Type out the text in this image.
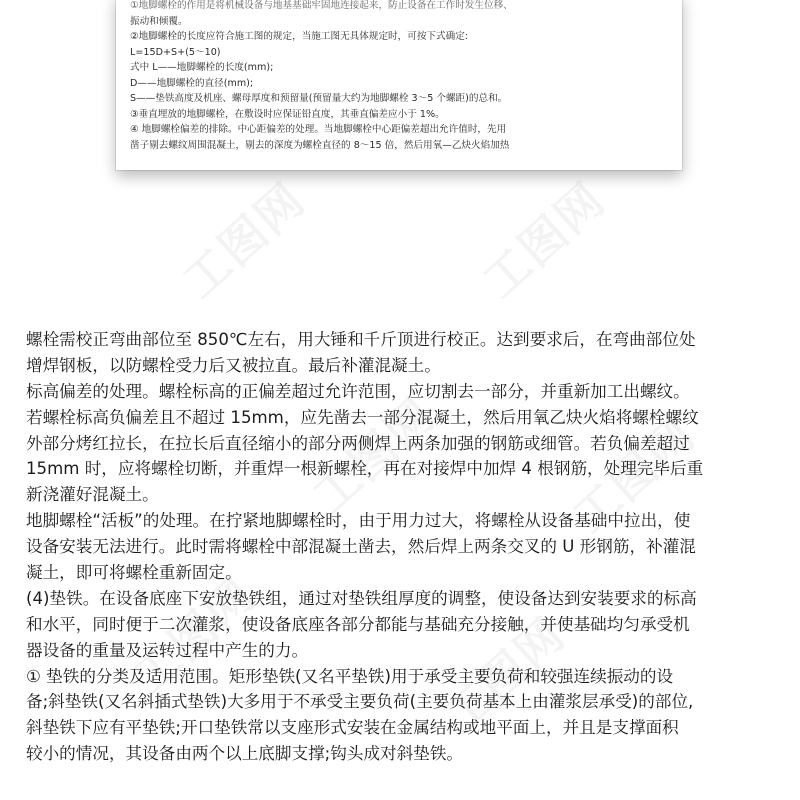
①地脚螺栓的作用是将机械设备与地基基础牢固地连接起来，防止设备在工作时发生位移、
振动和倾覆。
②地脚螺栓的长度应符合施工图的规定，当施工图无具体规定时，可按下式确定:
L=15D+S+(5～10)
式中 L——地脚螺栓的长度(mm);
D——地脚螺栓的直径(mm);
S——垫铁高度及机座、螺母厚度和预留量(预留量大约为地脚螺栓 3～5 个螺距)的总和。
③垂直埋放的地脚螺栓，在敷设时应保证铅直度，其垂直偏差应小于 1%。
④ 地脚螺栓偏差的排除。中心距偏差的处理。当地脚螺栓中心距偏差超出允许值时，先用
凿子剔去螺纹周围混凝土，剔去的深度为螺栓直径的 8～15 倍，然后用氧—乙炔火焰加热
螺栓需校正弯曲部位至 850℃左右，用大锤和千斤顶进行校正。达到要求后，在弯曲部位处
增焊钢板，以防螺栓受力后又被拉直。最后补灌混凝土。
标高偏差的处理。螺栓标高的正偏差超过允许范围，应切割去一部分，并重新加工出螺纹。
若螺栓标高负偏差且不超过 15mm，应先凿去一部分混凝土，然后用氧乙炔火焰将螺栓螺纹
外部分烤红拉长，在拉长后直径缩小的部分两侧焊上两条加强的钢筋或细管。若负偏差超过
15mm 时，应将螺栓切断，并重焊一根新螺栓，再在对接焊中加焊 4 根钢筋，处理完毕后重
新浇灌好混凝土。
地脚螺栓“活板”的处理。在拧紧地脚螺栓时，由于用力过大，将螺栓从设备基础中拉出，使
设备安装无法进行。此时需将螺栓中部混凝土凿去，然后焊上两条交叉的 U 形钢筋，补灌混
凝土，即可将螺栓重新固定。
(4)垫铁。在设备底座下安放垫铁组，通过对垫铁组厚度的调整，使设备达到安装要求的标高
和水平，同时便于二次灌浆，使设备底座各部分都能与基础充分接触，并使基础均匀承受机
器设备的重量及运转过程中产生的力。
① 垫铁的分类及适用范围。矩形垫铁(又名平垫铁)用于承受主要负荷和较强连续振动的设
备;斜垫铁(又名斜插式垫铁)大多用于不承受主要负荷(主要负荷基本上由灌浆层承受)的部位,
斜垫铁下应有平垫铁;开口垫铁常以支座形式安装在金属结构或地平面上，并且是支撑面积
较小的情况，其设备由两个以上底脚支撑;钩头成对斜垫铁。
